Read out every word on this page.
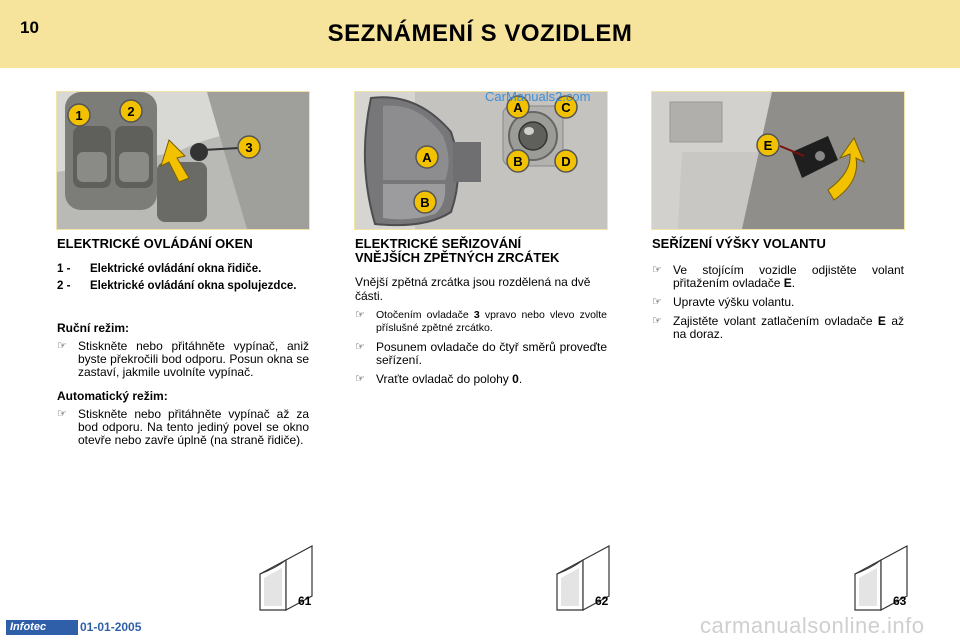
10	SEZNÁMENÍ S VOZIDLEM
1	2
3
A	C
B	D
A
B
CarManuals2.com
E

ELEKTRICKÉ OVLÁDÁNÍ OKEN

1 - Elektrické ovládání okna řidiče.

2 - Elektrické ovládání okna spolujezdce.

Ruční režim:

☞ Stiskněte nebo přitáhněte vypínač, aniž byste překročili bod odporu. Posun okna se zastaví, jakmile uvolníte vypínač.

Automatický režim:

☞ Stiskněte nebo přitáhněte vypínač až za bod odporu. Na tento jediný povel se okno otevře nebo zavře úplně (na straně řidiče).

ELEKTRICKÉ SEŘIZOVÁNÍ VNĚJŠÍCH ZPĚTNÝCH ZRCÁTEK

Vnější zpětná zrcátka jsou rozdělená na dvě části.

☞ Otočením ovladače 3 vpravo nebo vlevo zvolte příslušné zpětné zrcátko.

☞ Posunem ovladače do čtyř směrů proveďte seřízení.

☞ Vraťte ovladač do polohy 0.

SEŘÍZENÍ VÝŠKY VOLANTU

☞ Ve stojícím vozidle odjistěte volant přitažením ovladače E.

☞ Upravte výšku volantu.

☞ Zajistěte volant zatlačením ovladače E až na doraz.

61	62	63
Infotec	01-01-2005	carmanualsonline.info
